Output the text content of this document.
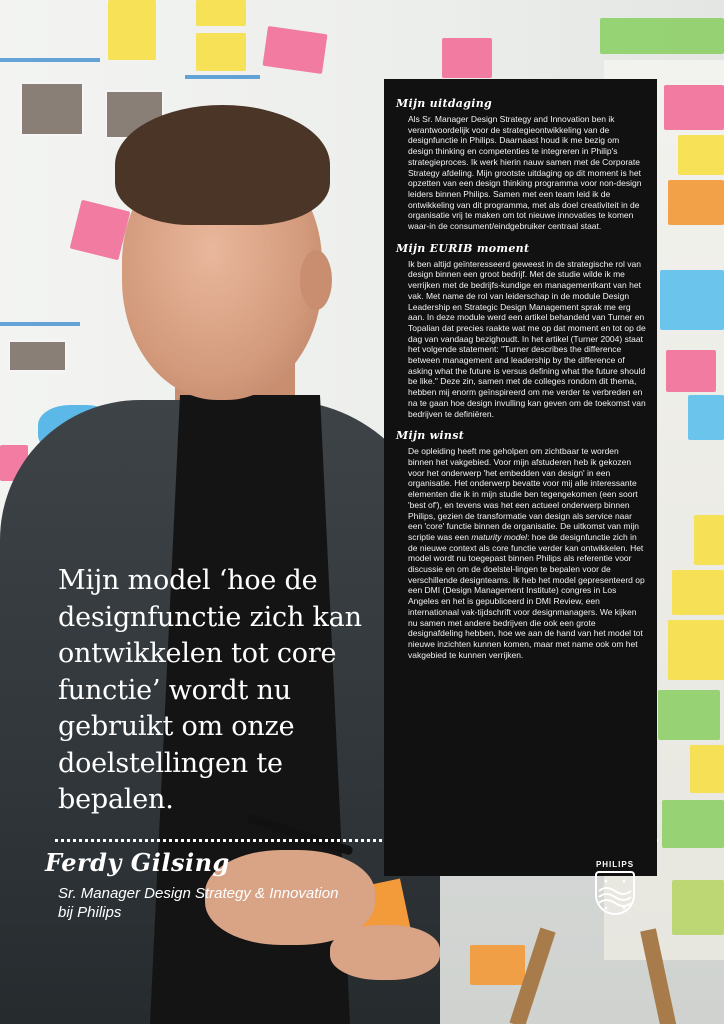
Mijn model ‘hoe de designfunctie zich kan ontwikkelen tot core functie’ wordt nu gebruikt om onze doelstellingen te bepalen.

Ferdy Gilsing
Sr. Manager Design Strategy & Innovation
bij Philips
Mijn uitdaging

Als Sr. Manager Design Strategy and Innovation ben ik verantwoordelijk voor de strategieontwikkeling van de designfunctie in Philips. Daarnaast houd ik me bezig om design thinking en competenties te integreren in Philip's strategieproces. Ik werk hierin nauw samen met de Corporate Strategy afdeling. Mijn grootste uitdaging op dit moment is het opzetten van een design thinking programma voor non-design leiders binnen Philips. Samen met een team leid ik de ontwikkeling van dit programma, met als doel creativiteit in de organisatie vrij te maken om tot nieuwe innovaties te komen waar-in de consument/eindgebruiker centraal staat.

Mijn EURIB moment

Ik ben altijd geïnteresseerd geweest in de strategische rol van design binnen een groot bedrijf. Met de studie wilde ik me verrijken met de bedrijfs-kundige en managementkant van het vak. Met name de rol van leiderschap in de module Design Leadership en Strategic Design Management sprak me erg aan. In deze module werd een artikel behandeld van Turner en Topalian dat precies raakte wat me op dat moment en tot op de dag van vandaag bezighoudt. In het artikel (Turner 2004) staat het volgende statement: "Turner describes the difference between management and leadership by the difference of asking what the future is versus defining what the future should be like." Deze zin, samen met de colleges rondom dit thema, hebben mij enorm geïnspireerd om me verder te verbreden en na te gaan hoe design invulling kan geven om de toekomst van bedrijven te definiëren.

Mijn winst

De opleiding heeft me geholpen om zichtbaar te worden binnen het vakgebied. Voor mijn afstuderen heb ik gekozen voor het onderwerp 'het embedden van design' in een organisatie. Het onderwerp bevatte voor mij alle interessante elementen die ik in mijn studie ben tegengekomen (een soort 'best of'), en tevens was het een actueel onderwerp binnen Philips, gezien de transformatie van design als service naar een 'core' functie binnen de organisatie. De uitkomst van mijn scriptie was een maturity model: hoe de designfunctie zich in de nieuwe context als core functie verder kan ontwikkelen. Het model wordt nu toegepast binnen Philips als referentie voor discussie en om de doelstel-lingen te bepalen voor de verschillende designteams. Ik heb het model gepresenteerd op een DMI (Design Management Institute) congres in Los Angeles en het is gepubliceerd in DMI Review, een internationaal vak-tijdschrift voor designmanagers. We kijken nu samen met andere bedrijven die ook een grote designafdeling hebben, hoe we aan de hand van het model tot nieuwe inzichten kunnen komen, maar met name ook om het vakgebied te kunnen verrijken.

PHILIPS
